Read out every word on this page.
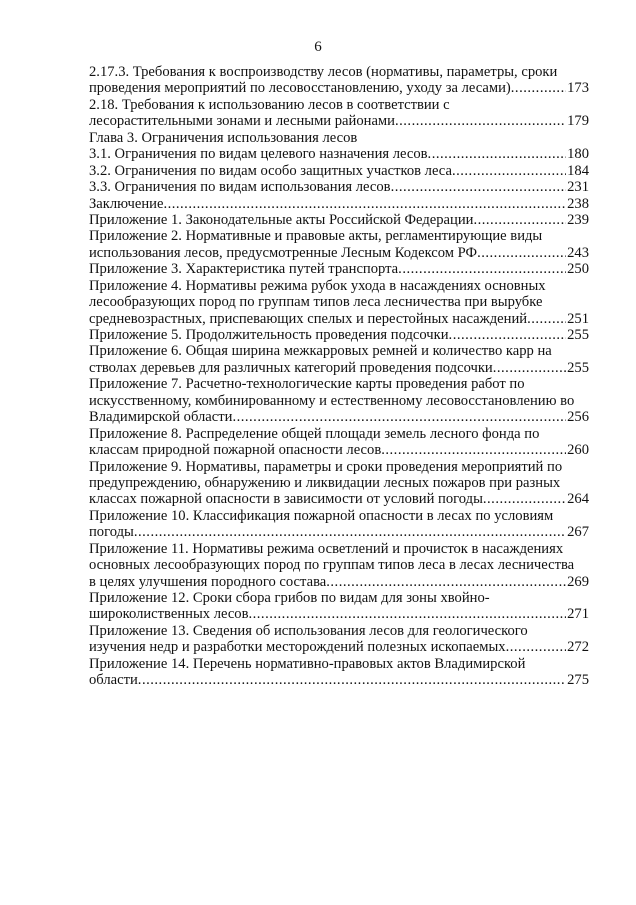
6
2.17.3. Требования к воспроизводству лесов (нормативы, параметры, сроки
проведения мероприятий по лесовосстановлению, уходу за лесами) .....	173
2.18. Требования к использованию лесов в соответствии с
лесорастительными зонами и лесными районами .....	179
Глава 3. Ограничения использования лесов
3.1. Ограничения по видам целевого назначения лесов .....	180
3.2. Ограничения по видам особо защитных участков леса .....	184
3.3. Ограничения по видам использования лесов .....	231
Заключение .....	238
Приложение 1. Законодательные акты Российской Федерации .....	239
Приложение 2. Нормативные и правовые акты, регламентирующие виды
использования лесов, предусмотренные Лесным Кодексом РФ .....	243
Приложение 3. Характеристика путей транспорта .....	250
Приложение 4. Нормативы режима рубок ухода в насаждениях основных
лесообразующих пород по группам типов леса лесничества при вырубке
средневозрастных, приспевающих спелых и перестойных насаждений .....	251
Приложение 5. Продолжительность проведения подсочки .....	255
Приложение 6. Общая ширина межкарровых ремней и количество карр на
стволах деревьев для различных категорий проведения подсочки .....	255
Приложение 7. Расчетно-технологические карты проведения работ по
искусственному, комбинированному и естественному лесовосстановлению во
Владимирской области .....	256
Приложение 8. Распределение общей площади земель лесного фонда по
классам природной пожарной опасности лесов .....	260
Приложение 9. Нормативы, параметры и сроки проведения мероприятий по
предупреждению, обнаружению и ликвидации лесных пожаров при разных
классах пожарной опасности в зависимости от условий погоды .....	264
Приложение 10. Классификация пожарной опасности в лесах по условиям
погоды .....	267
Приложение 11. Нормативы режима осветлений и прочисток в насаждениях
основных лесообразующих пород по группам типов леса в лесах лесничества
в целях улучшения породного состава .....	269
Приложение 12. Сроки сбора грибов по видам для зоны хвойно-
широколиственных лесов .....	271
Приложение 13. Сведения об использования лесов для геологического
изучения недр и разработки месторождений полезных ископаемых .....	272
Приложение 14. Перечень нормативно-правовых актов Владимирской
области .....	275
